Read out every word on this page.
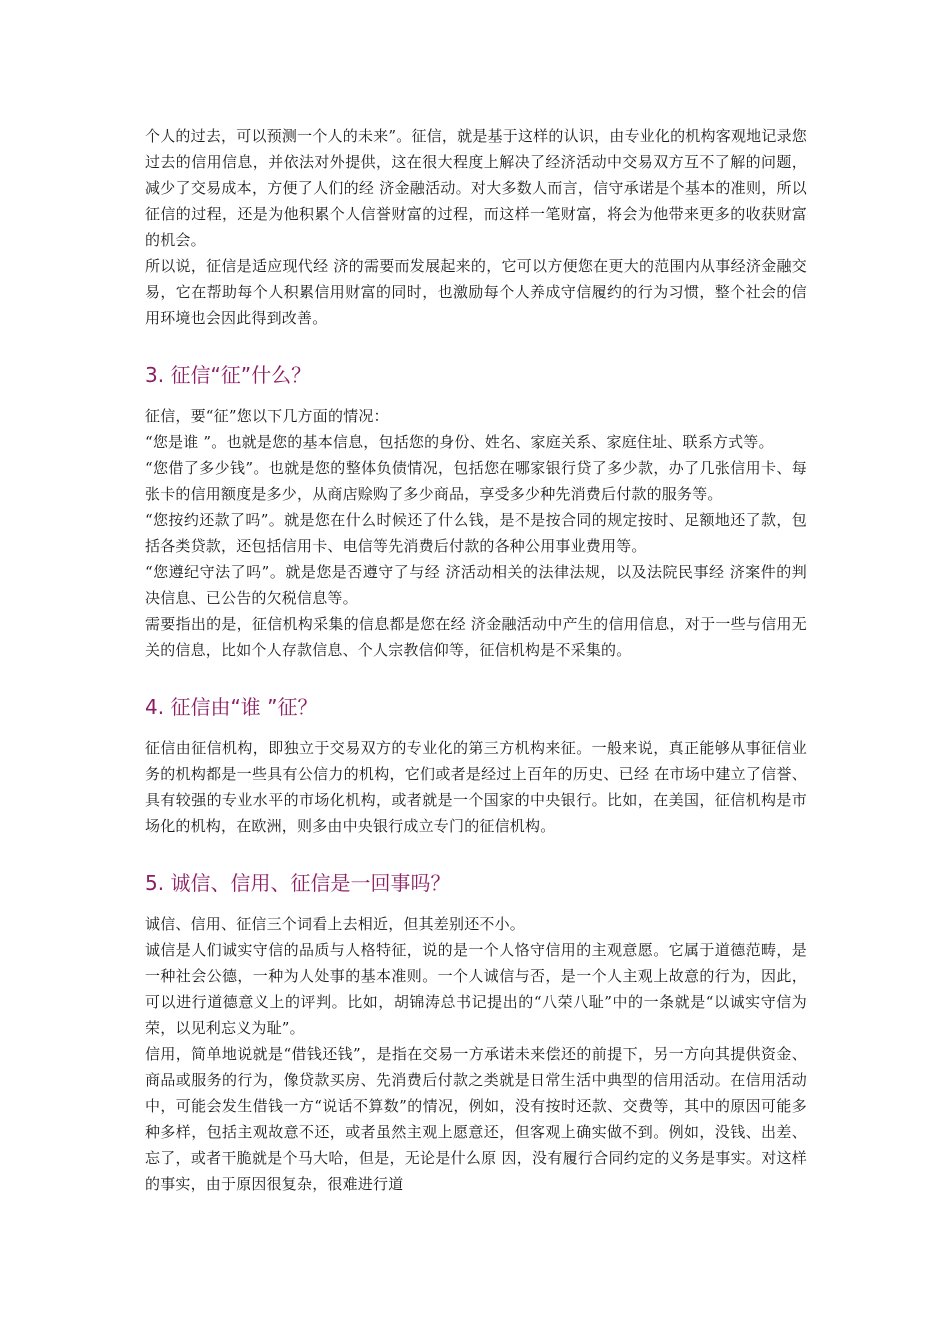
个人的过去，可以预测一个人的未来”。征信，就是基于这样的认识，由专业化的机构客观地记录您过去的信用信息，并依法对外提供，这在很大程度上解决了经济活动中交易双方互不了解的问题，减少了交易成本，方便了人们的经 济金融活动。对大多数人而言，信守承诺是个基本的准则，所以征信的过程，还是为他积累个人信誉财富的过程，而这样一笔财富，将会为他带来更多的收获财富的机会。

所以说，征信是适应现代经 济的需要而发展起来的，它可以方便您在更大的范围内从事经济金融交易，它在帮助每个人积累信用财富的同时，也激励每个人养成守信履约的行为习惯，整个社会的信用环境也会因此得到改善。

3. 征信“征”什么？

征信，要“征”您以下几方面的情况：

“您是谁 ”。也就是您的基本信息，包括您的身份、姓名、家庭关系、家庭住址、联系方式等。

“您借了多少钱”。也就是您的整体负债情况，包括您在哪家银行贷了多少款，办了几张信用卡、每张卡的信用额度是多少，从商店赊购了多少商品，享受多少种先消费后付款的服务等。

“您按约还款了吗”。就是您在什么时候还了什么钱，是不是按合同的规定按时、足额地还了款，包括各类贷款，还包括信用卡、电信等先消费后付款的各种公用事业费用等。

“您遵纪守法了吗”。就是您是否遵守了与经 济活动相关的法律法规，以及法院民事经 济案件的判决信息、已公告的欠税信息等。

需要指出的是，征信机构采集的信息都是您在经 济金融活动中产生的信用信息，对于一些与信用无关的信息，比如个人存款信息、个人宗教信仰等，征信机构是不采集的。

4. 征信由“谁 ”征？

征信由征信机构，即独立于交易双方的专业化的第三方机构来征。一般来说，真正能够从事征信业务的机构都是一些具有公信力的机构，它们或者是经过上百年的历史、已经 在市场中建立了信誉、具有较强的专业水平的市场化机构，或者就是一个国家的中央银行。比如，在美国，征信机构是市场化的机构，在欧洲，则多由中央银行成立专门的征信机构。

5. 诚信、信用、征信是一回事吗？

诚信、信用、征信三个词看上去相近，但其差别还不小。

诚信是人们诚实守信的品质与人格特征，说的是一个人恪守信用的主观意愿。它属于道德范畴，是一种社会公德，一种为人处事的基本准则。一个人诚信与否，是一个人主观上故意的行为，因此，可以进行道德意义上的评判。比如，胡锦涛总书记提出的“八荣八耻”中的一条就是“以诚实守信为荣，以见利忘义为耻”。

信用，简单地说就是“借钱还钱”，是指在交易一方承诺未来偿还的前提下，另一方向其提供资金、商品或服务的行为，像贷款买房、先消费后付款之类就是日常生活中典型的信用活动。在信用活动中，可能会发生借钱一方“说话不算数”的情况，例如，没有按时还款、交费等，其中的原因可能多种多样，包括主观故意不还，或者虽然主观上愿意还，但客观上确实做不到。例如，没钱、出差、忘了，或者干脆就是个马大哈，但是，无论是什么原 因，没有履行合同约定的义务是事实。对这样的事实，由于原因很复杂，很难进行道
